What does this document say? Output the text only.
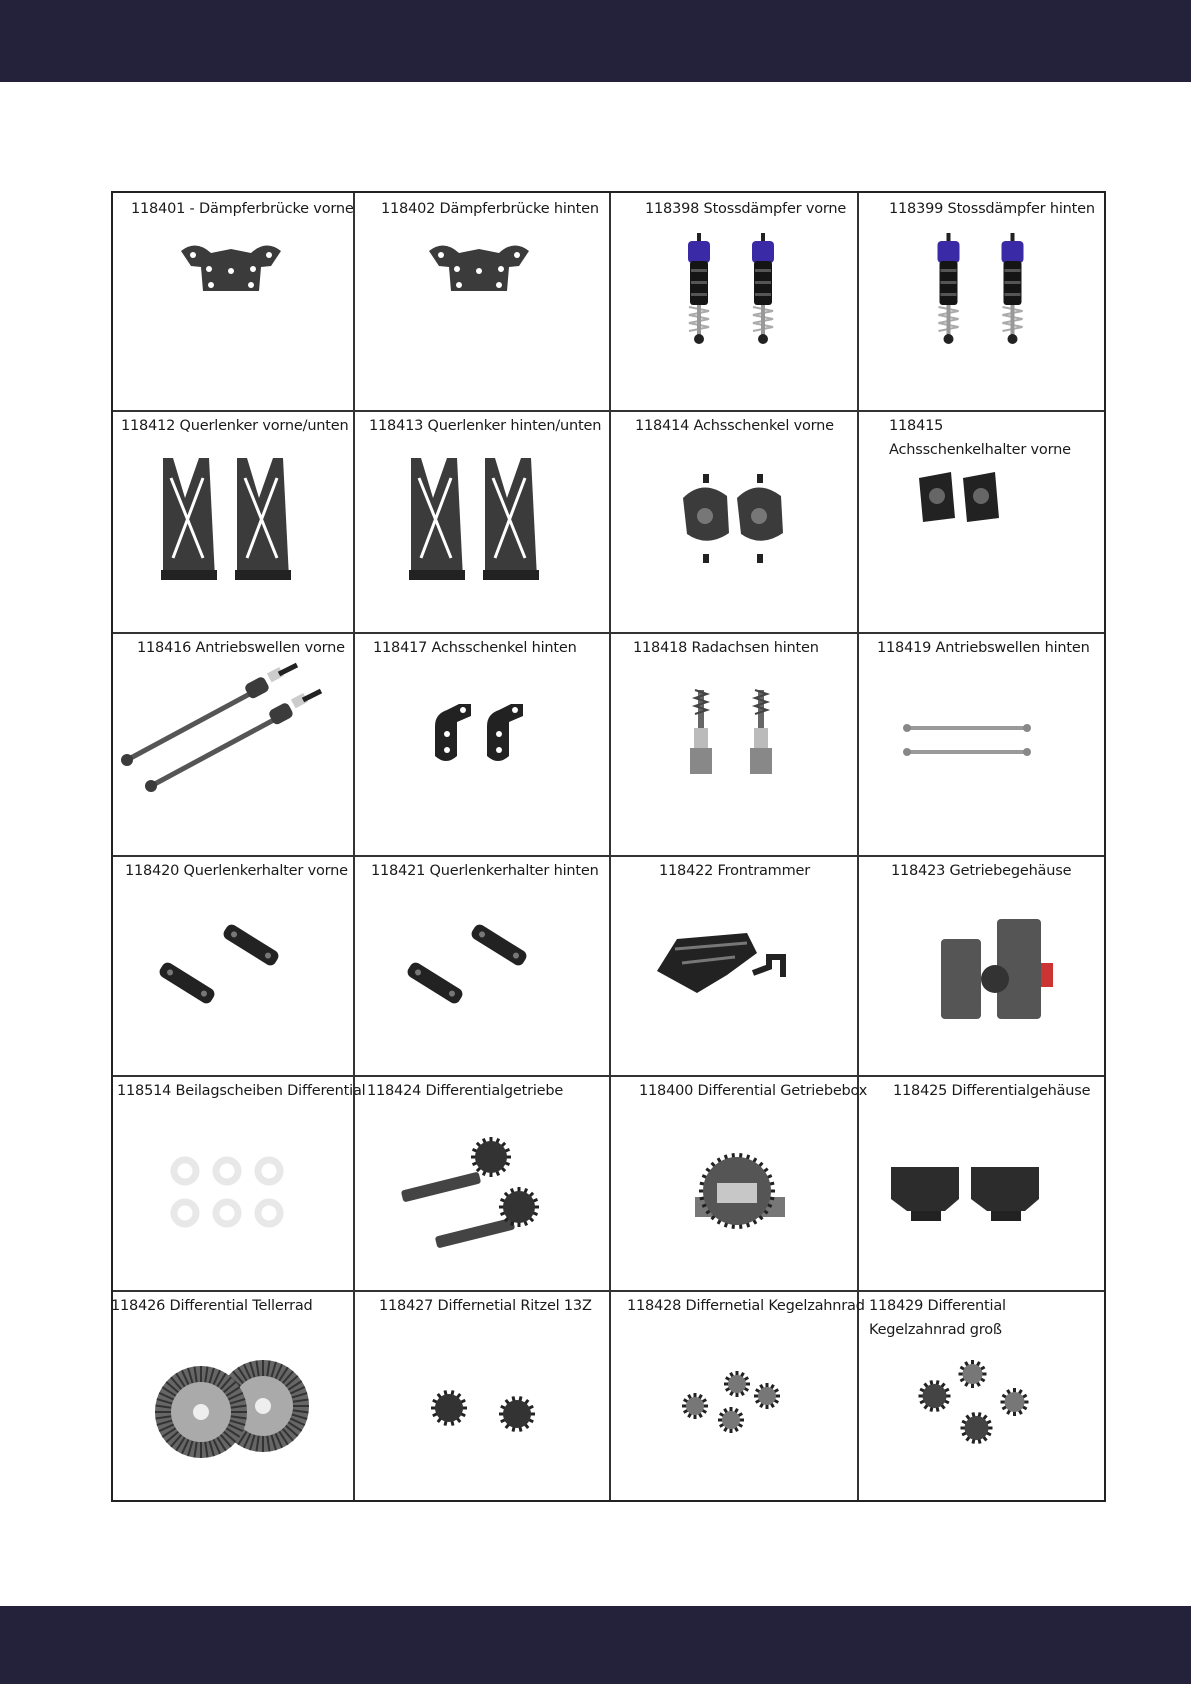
118401 - Dämpferbrücke vorne	118402 Dämpferbrücke hinten	118398 Stossdämpfer vorne	118399 Stossdämpfer hinten
118412 Querlenker vorne/unten	118413 Querlenker hinten/unten	118414 Achsschenkel vorne	118415 Achsschenkelhalter vorne
118416 Antriebswellen vorne	118417 Achsschenkel hinten	118418 Radachsen hinten	118419 Antriebswellen hinten
118420 Querlenkerhalter vorne	118421 Querlenkerhalter hinten	118422 Frontrammer	118423 Getriebegehäuse
118514 Beilagscheiben Differential 118424 Differentialgetriebe	118400 Differential Getriebebox	118425 Differentialgehäuse
118426 Differential Tellerrad	118427 Differnetial Ritzel 13Z	118428 Differnetial Kegelzahnrad 118429 Differential Kegelzahnrad groß
